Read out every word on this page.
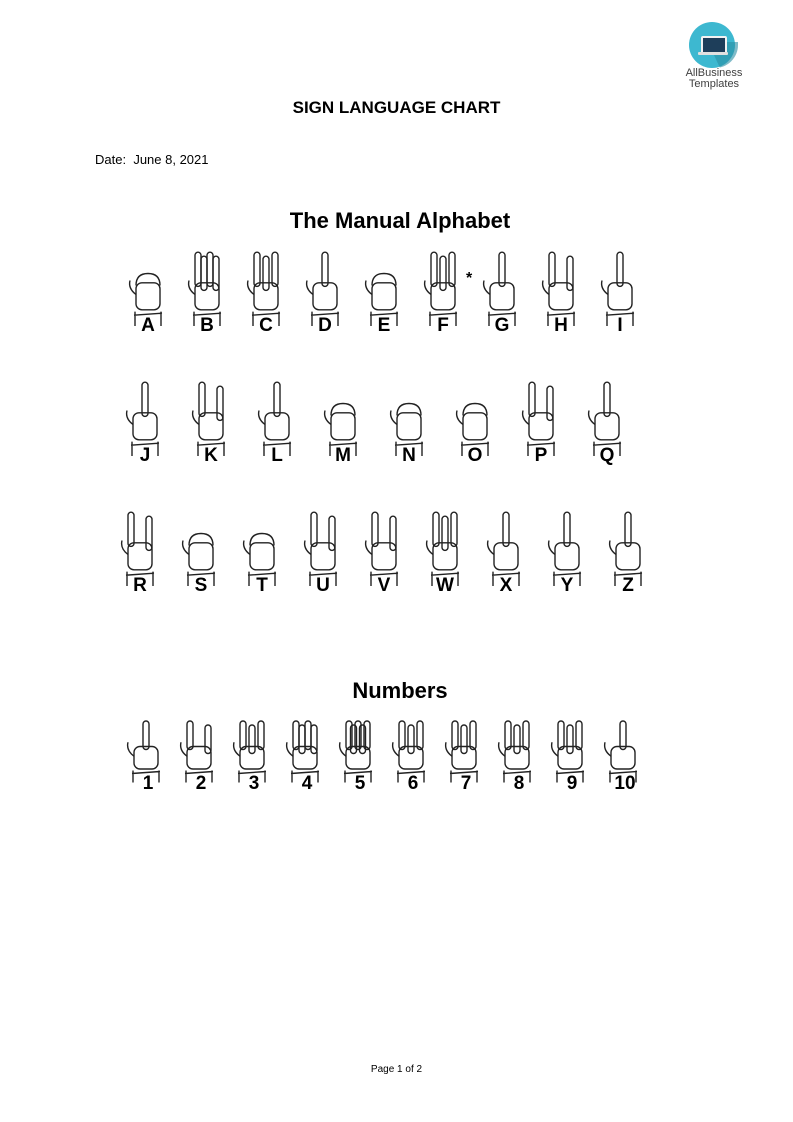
AllBusiness
Templates
SIGN LANGUAGE CHART
Date: June 8, 2021
The Manual Alphabet
Numbers
A	B	C	D	E	F	G
*
H	I
J	K	L	M	N	O	P	Q
R	S	T	U	V	W	X	Y	Z
1	2	3	4	5	6	7	8	9	10
Page 1 of 2
